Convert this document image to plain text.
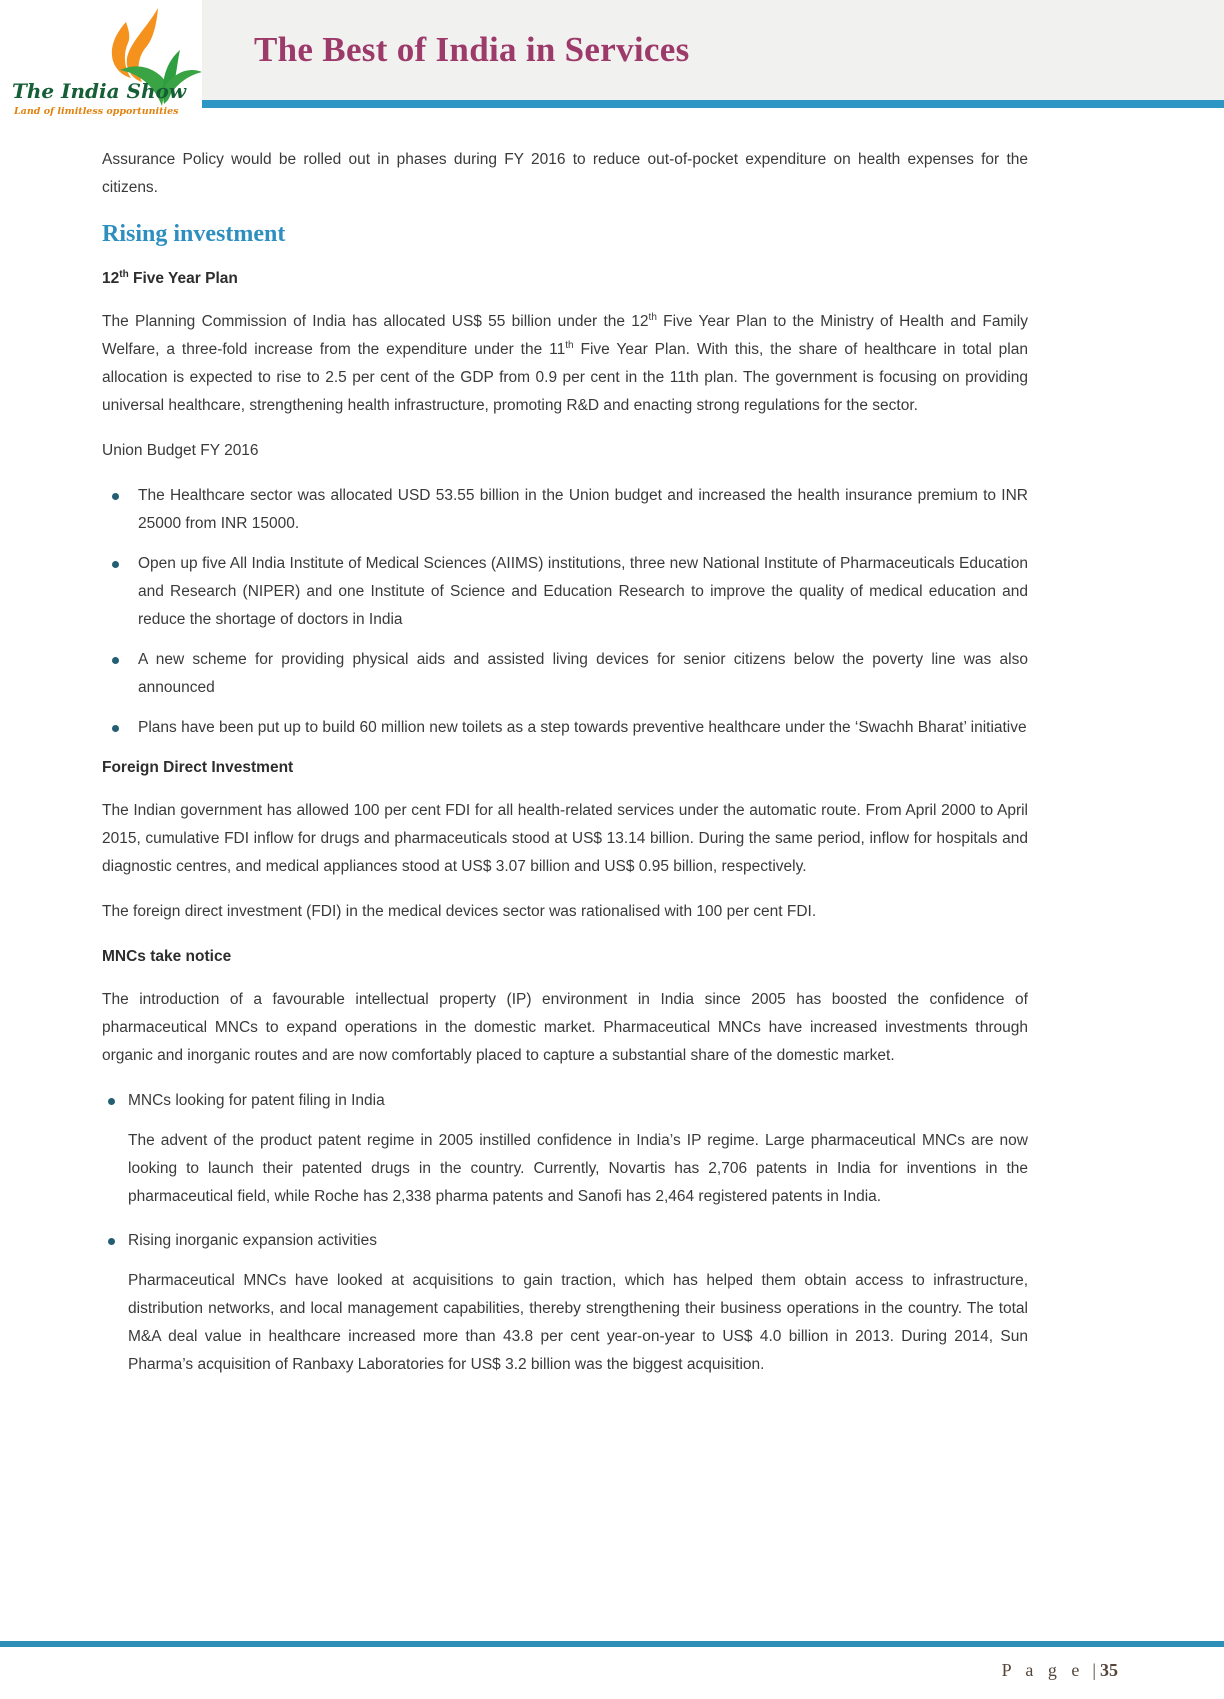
The India Show
Land of limitless opportunities
The Best of India in Services

Assurance Policy would be rolled out in phases during FY 2016 to reduce out-of-pocket expenditure on health expenses for the citizens.

Rising investment
12th Five Year Plan

The Planning Commission of India has allocated US$ 55 billion under the 12th Five Year Plan to the Ministry of Health and Family Welfare, a three-fold increase from the expenditure under the 11th Five Year Plan. With this, the share of healthcare in total plan allocation is expected to rise to 2.5 per cent of the GDP from 0.9 per cent in the 11th plan. The government is focusing on providing universal healthcare, strengthening health infrastructure, promoting R&D and enacting strong regulations for the sector.

Union Budget FY 2016

The Healthcare sector was allocated USD 53.55 billion in the Union budget and increased the health insurance premium to INR 25000 from INR 15000.
Open up five All India Institute of Medical Sciences (AIIMS) institutions, three new National Institute of Pharmaceuticals Education and Research (NIPER) and one Institute of Science and Education Research to improve the quality of medical education and reduce the shortage of doctors in India
A new scheme for providing physical aids and assisted living devices for senior citizens below the poverty line was also announced
Plans have been put up to build 60 million new toilets as a step towards preventive healthcare under the ‘Swachh Bharat’ initiative
Foreign Direct Investment

The Indian government has allowed 100 per cent FDI for all health-related services under the automatic route. From April 2000 to April 2015, cumulative FDI inflow for drugs and pharmaceuticals stood at US$ 13.14 billion. During the same period, inflow for hospitals and diagnostic centres, and medical appliances stood at US$ 3.07 billion and US$ 0.95 billion, respectively.

The foreign direct investment (FDI) in the medical devices sector was rationalised with 100 per cent FDI.

MNCs take notice

The introduction of a favourable intellectual property (IP) environment in India since 2005 has boosted the confidence of pharmaceutical MNCs to expand operations in the domestic market. Pharmaceutical MNCs have increased investments through organic and inorganic routes and are now comfortably placed to capture a substantial share of the domestic market.

MNCs looking for patent filing in India

The advent of the product patent regime in 2005 instilled confidence in India’s IP regime. Large pharmaceutical MNCs are now looking to launch their patented drugs in the country. Currently, Novartis has 2,706 patents in India for inventions in the pharmaceutical field, while Roche has 2,338 pharma patents and Sanofi has 2,464 registered patents in India.

Rising inorganic expansion activities

Pharmaceutical MNCs have looked at acquisitions to gain traction, which has helped them obtain access to infrastructure, distribution networks, and local management capabilities, thereby strengthening their business operations in the country. The total M&A deal value in healthcare increased more than 43.8 per cent year-on-year to US$ 4.0 billion in 2013. During 2014, Sun Pharma’s acquisition of Ranbaxy Laboratories for US$ 3.2 billion was the biggest acquisition.

P a g e | 35
